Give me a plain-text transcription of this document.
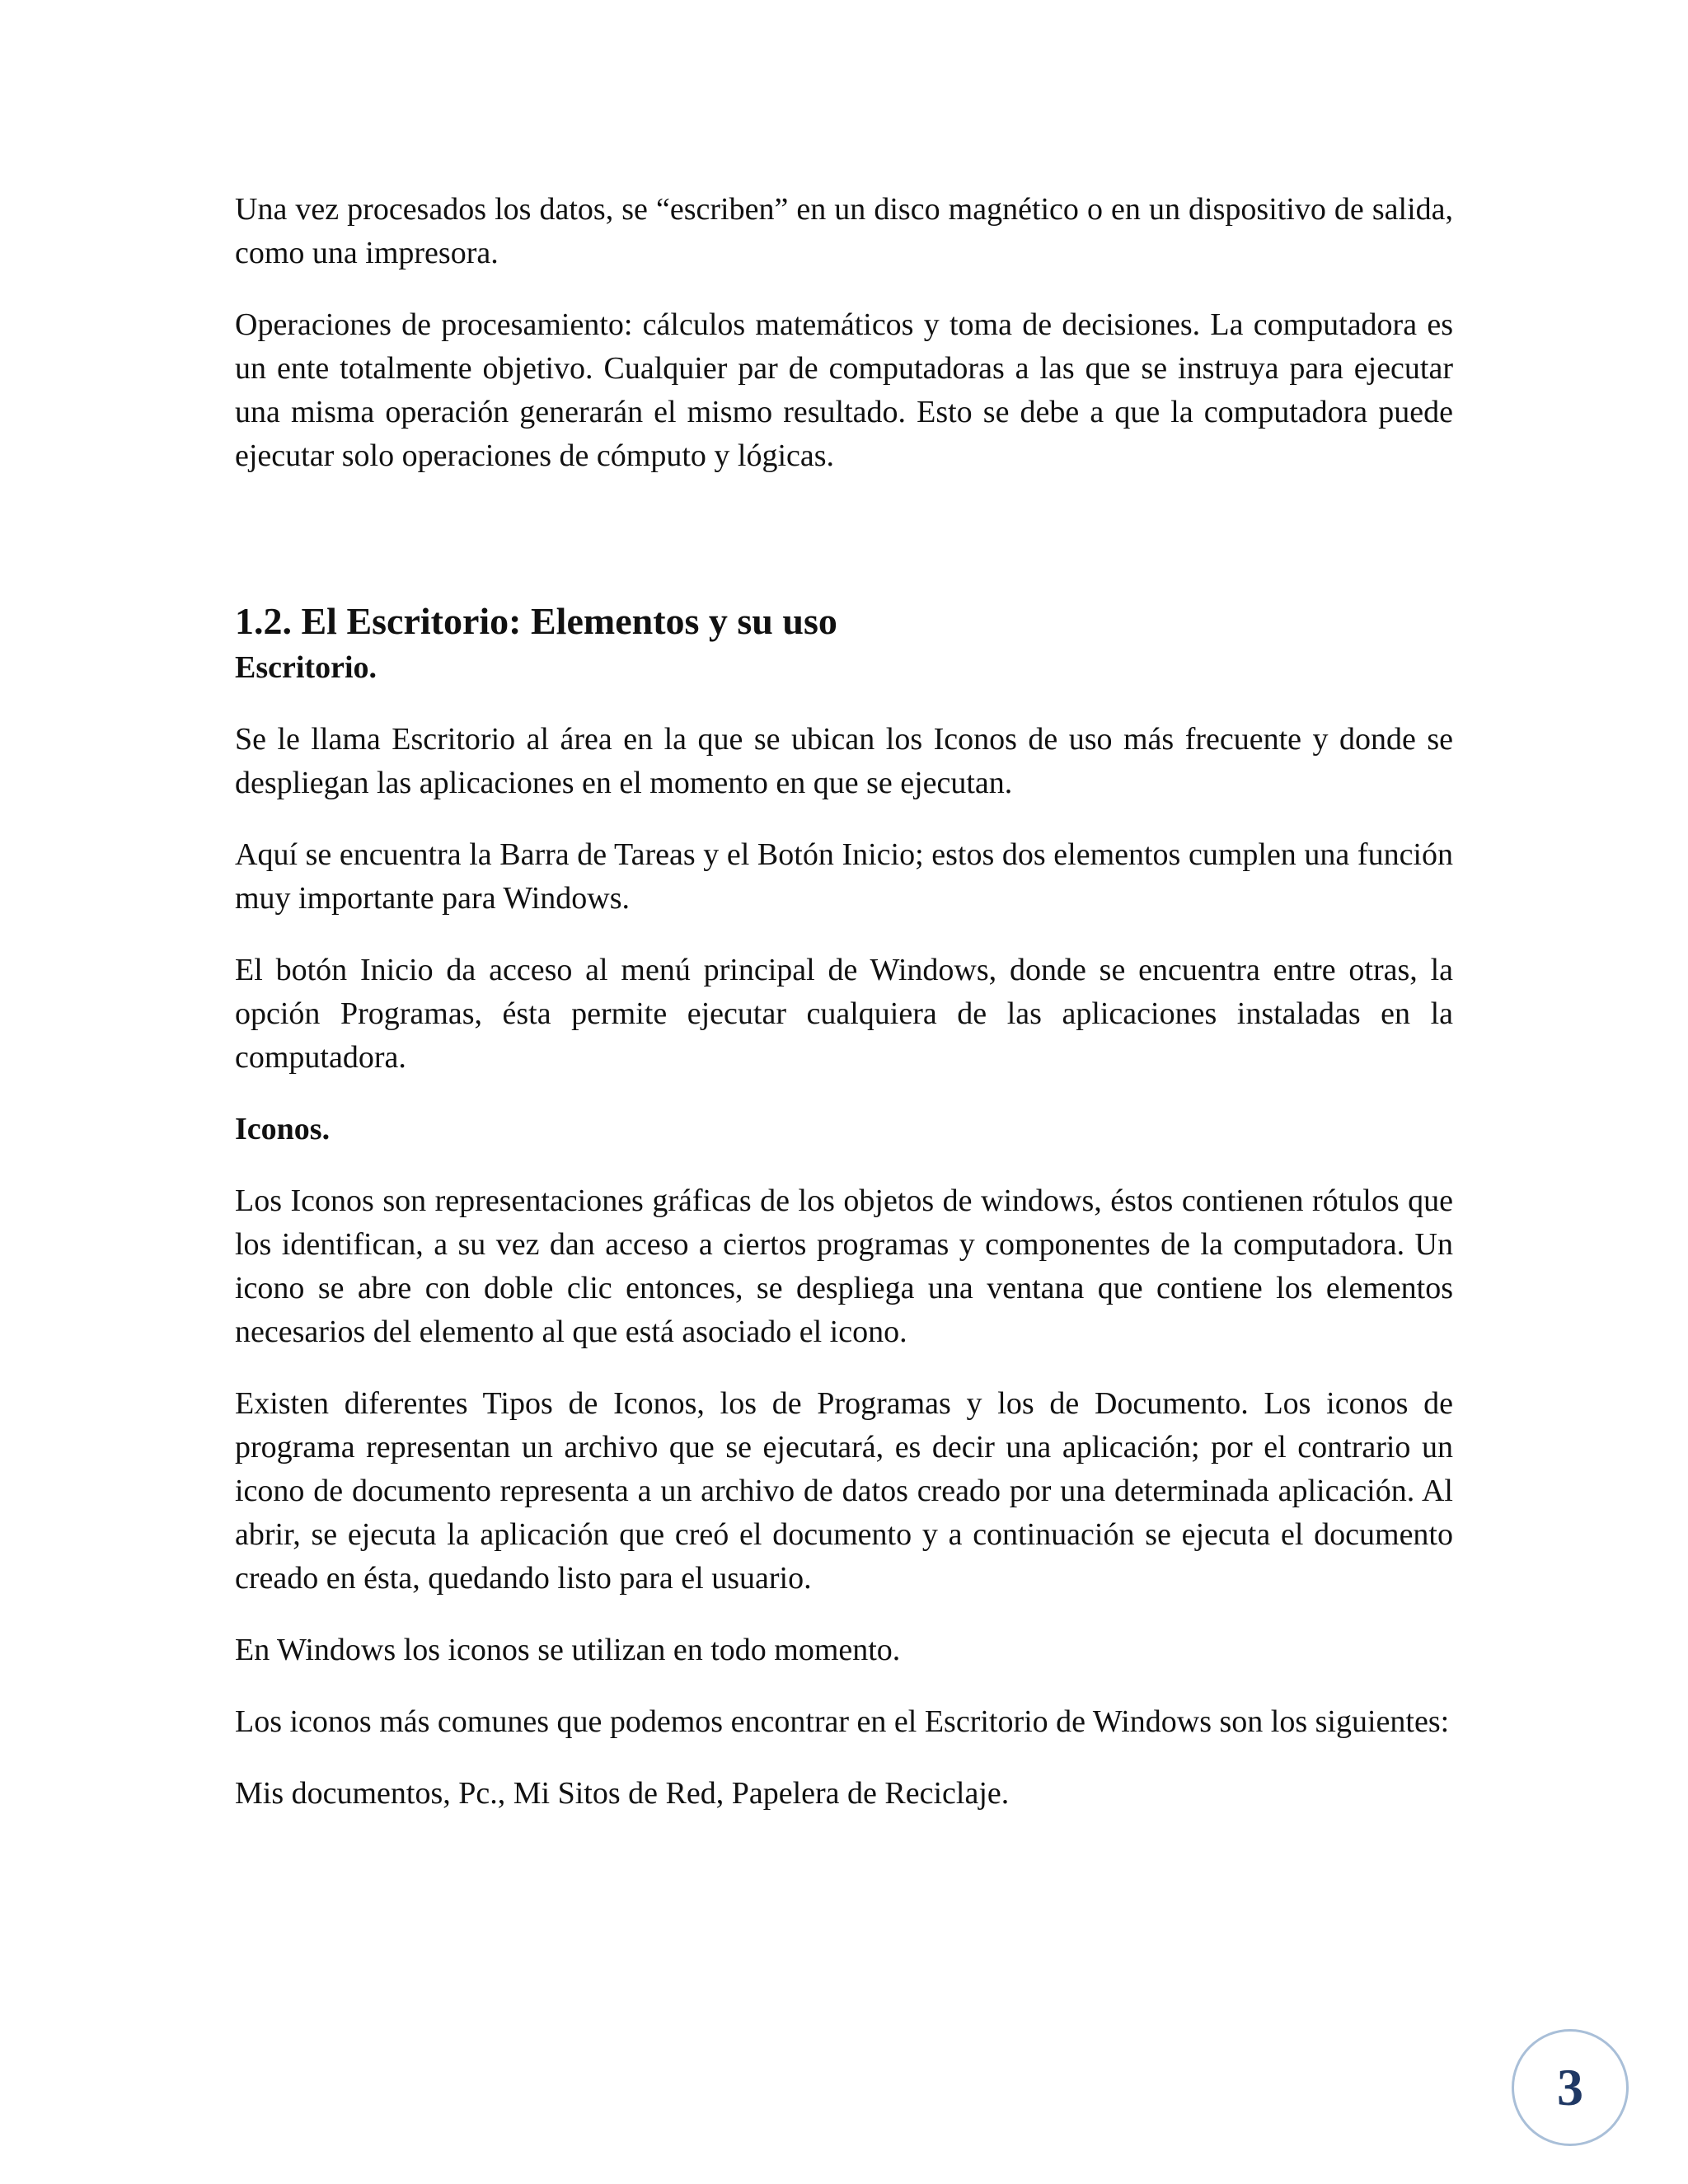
Una vez procesados los datos, se “escriben” en un disco magnético o en un dispositivo de salida, como una impresora.

Operaciones de procesamiento: cálculos matemáticos y toma de decisiones. La computadora es un ente totalmente objetivo. Cualquier par de computadoras a las que se instruya para ejecutar una misma operación generarán el mismo resultado. Esto se debe a que la computadora puede ejecutar solo operaciones de cómputo y lógicas.

1.2. El Escritorio: Elementos y su uso
Escritorio.

Se le llama Escritorio al área en la que se ubican los Iconos de uso más frecuente y donde se despliegan las aplicaciones en el momento en que se ejecutan.

Aquí se encuentra la Barra de Tareas y el Botón Inicio; estos dos elementos cumplen una función muy importante para Windows.

El botón Inicio da acceso al menú principal de Windows, donde se encuentra entre otras, la opción Programas, ésta permite ejecutar cualquiera de las aplicaciones instaladas en la computadora.

Iconos.

Los Iconos son representaciones gráficas de los objetos de windows, éstos contienen rótulos que los identifican, a su vez dan acceso a ciertos programas y componentes de la computadora. Un icono se abre con doble clic entonces, se despliega una ventana que contiene los elementos necesarios del elemento al que está asociado el icono.

Existen diferentes Tipos de Iconos, los de Programas y los de Documento. Los iconos de programa representan un archivo que se ejecutará, es decir una aplicación; por el contrario un icono de documento representa a un archivo de datos creado por una determinada aplicación. Al abrir, se ejecuta la aplicación que creó el documento y a continuación se ejecuta el documento creado en ésta, quedando listo para el usuario.

En Windows los iconos se utilizan en todo momento.

Los iconos más comunes que podemos encontrar en el Escritorio de Windows son los siguientes:

Mis documentos, Pc., Mi Sitos de Red, Papelera de Reciclaje.

3
